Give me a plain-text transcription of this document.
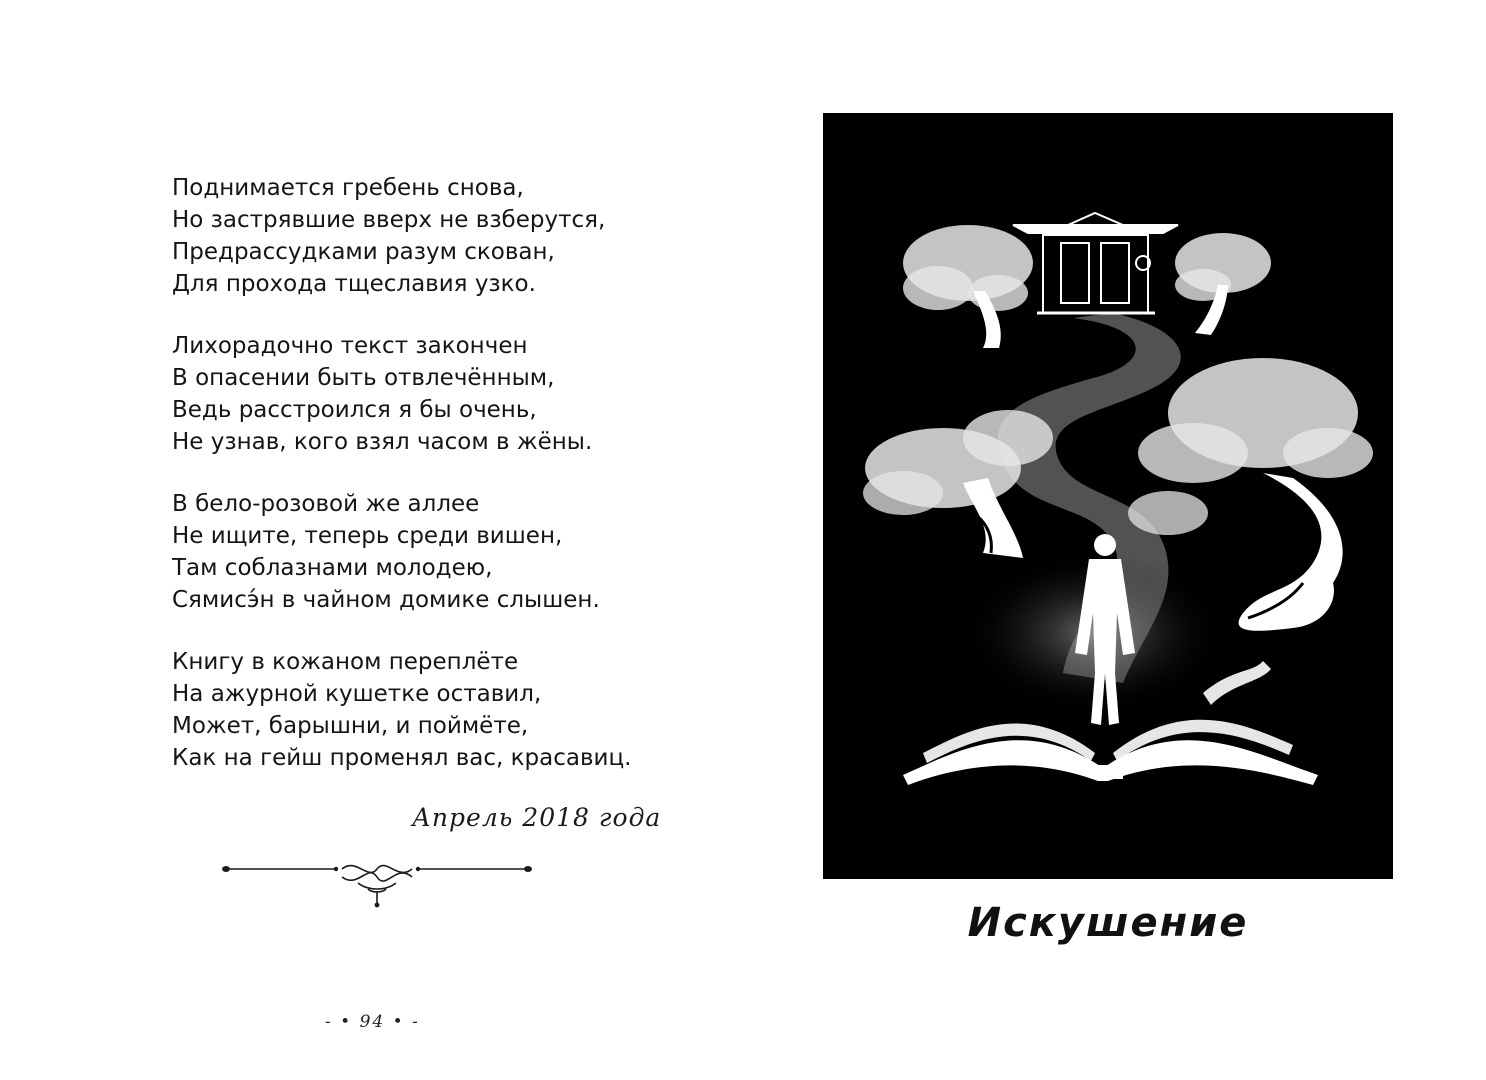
Поднимается гребень снова,
Но застрявшие вверх не взберутся,
Предрассудками разум скован,
Для прохода тщеславия узко.
Лихорадочно текст закончен
В опасении быть отвлечённым,
Ведь расстроился я бы очень,
Не узнав, кого взял часом в жёны.
В бело-розовой же аллее
Не ищите, теперь среди вишен,
Там соблазнами молодею,
Сямисэ́н в чайном домике слышен.
Книгу в кожаном переплёте
На ажурной кушетке оставил,
Может, барышни, и поймёте,
Как на гейш променял вас, красавиц.
Апрель 2018 года
- • 94 • -
Искушение
